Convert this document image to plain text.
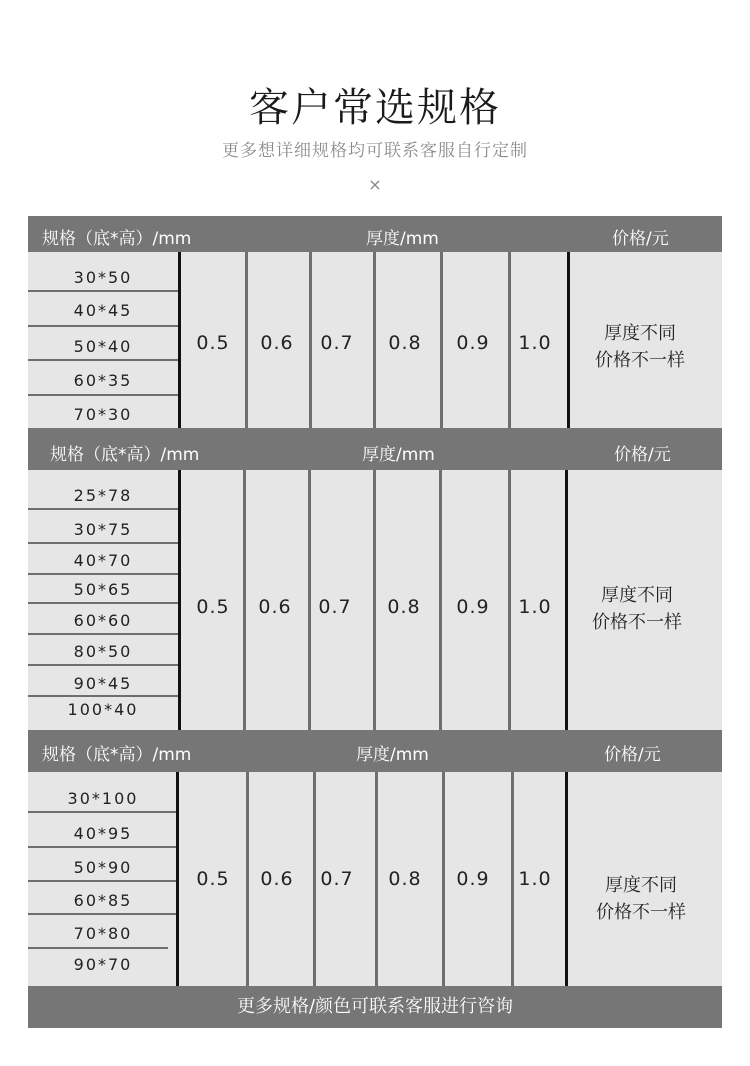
客户常选规格
更多想详细规格均可联系客服自行定制
×
规格（底*高）/mm	厚度/mm	价格/元
30*50
40*45
50*40
60*35
70*30
0.5	0.6	0.7	0.8	0.9	1.0	厚度不同
价格不一样
规格（底*高）/mm	厚度/mm	价格/元
25*78
30*75
40*70
50*65
60*60
80*50
90*45
100*40
0.5	0.6	0.7	0.8	0.9	1.0
厚度不同
价格不一样
规格（底*高）/mm	厚度/mm	价格/元
30*100
40*95
50*90
60*85
70*80
90*70
0.5	0.6	0.7	0.8	0.9	1.0	厚度不同
价格不一样
更多规格/颜色可联系客服进行咨询
